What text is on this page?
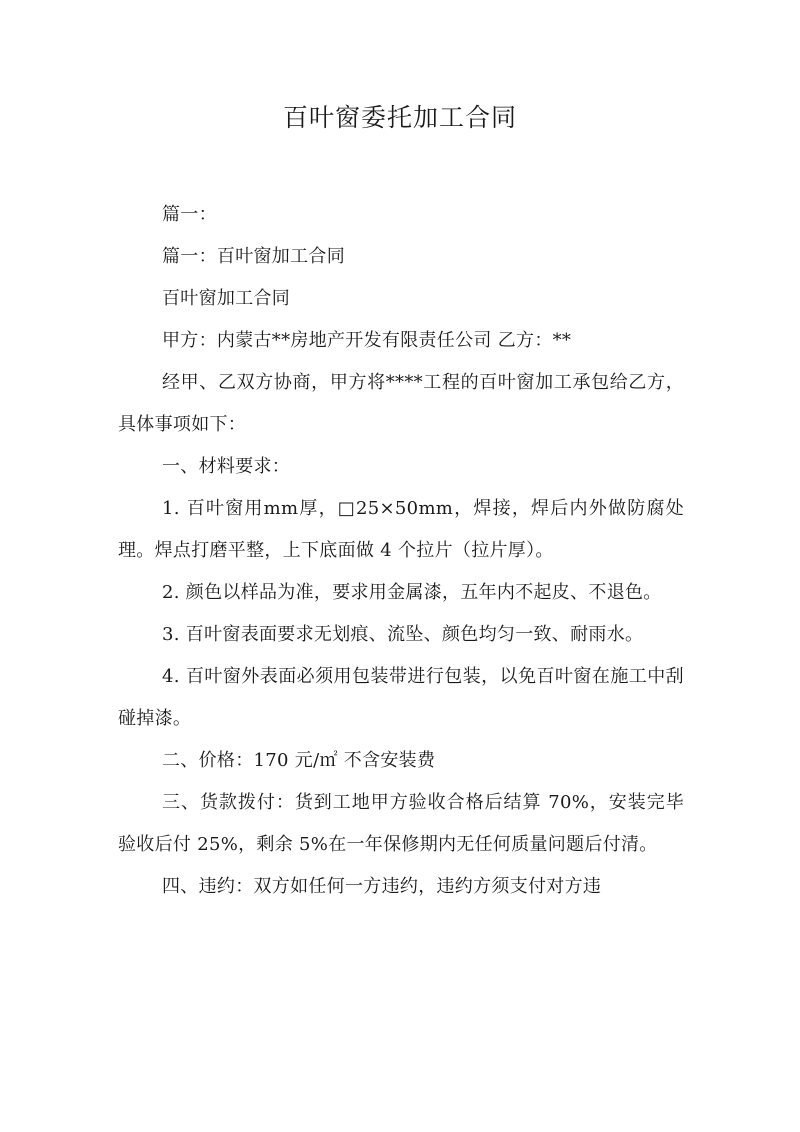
百叶窗委托加工合同

篇一：

篇一：百叶窗加工合同

百叶窗加工合同

甲方：内蒙古**房地产开发有限责任公司 乙方：**

经甲、乙双方协商，甲方将****工程的百叶窗加工承包给乙方，具体事项如下：

一、材料要求：

1. 百叶窗用mm厚，□25×50mm，焊接，焊后内外做防腐处理。焊点打磨平整，上下底面做 4 个拉片（拉片厚）。

2. 颜色以样品为准，要求用金属漆，五年内不起皮、不退色。

3. 百叶窗表面要求无划痕、流坠、颜色均匀一致、耐雨水。

4. 百叶窗外表面必须用包装带进行包装，以免百叶窗在施工中刮碰掉漆。

二、价格：170 元/㎡ 不含安装费

三、货款拨付：货到工地甲方验收合格后结算 70%，安装完毕验收后付 25%，剩余 5%在一年保修期内无任何质量问题后付清。

四、违约：双方如任何一方违约，违约方须支付对方违
